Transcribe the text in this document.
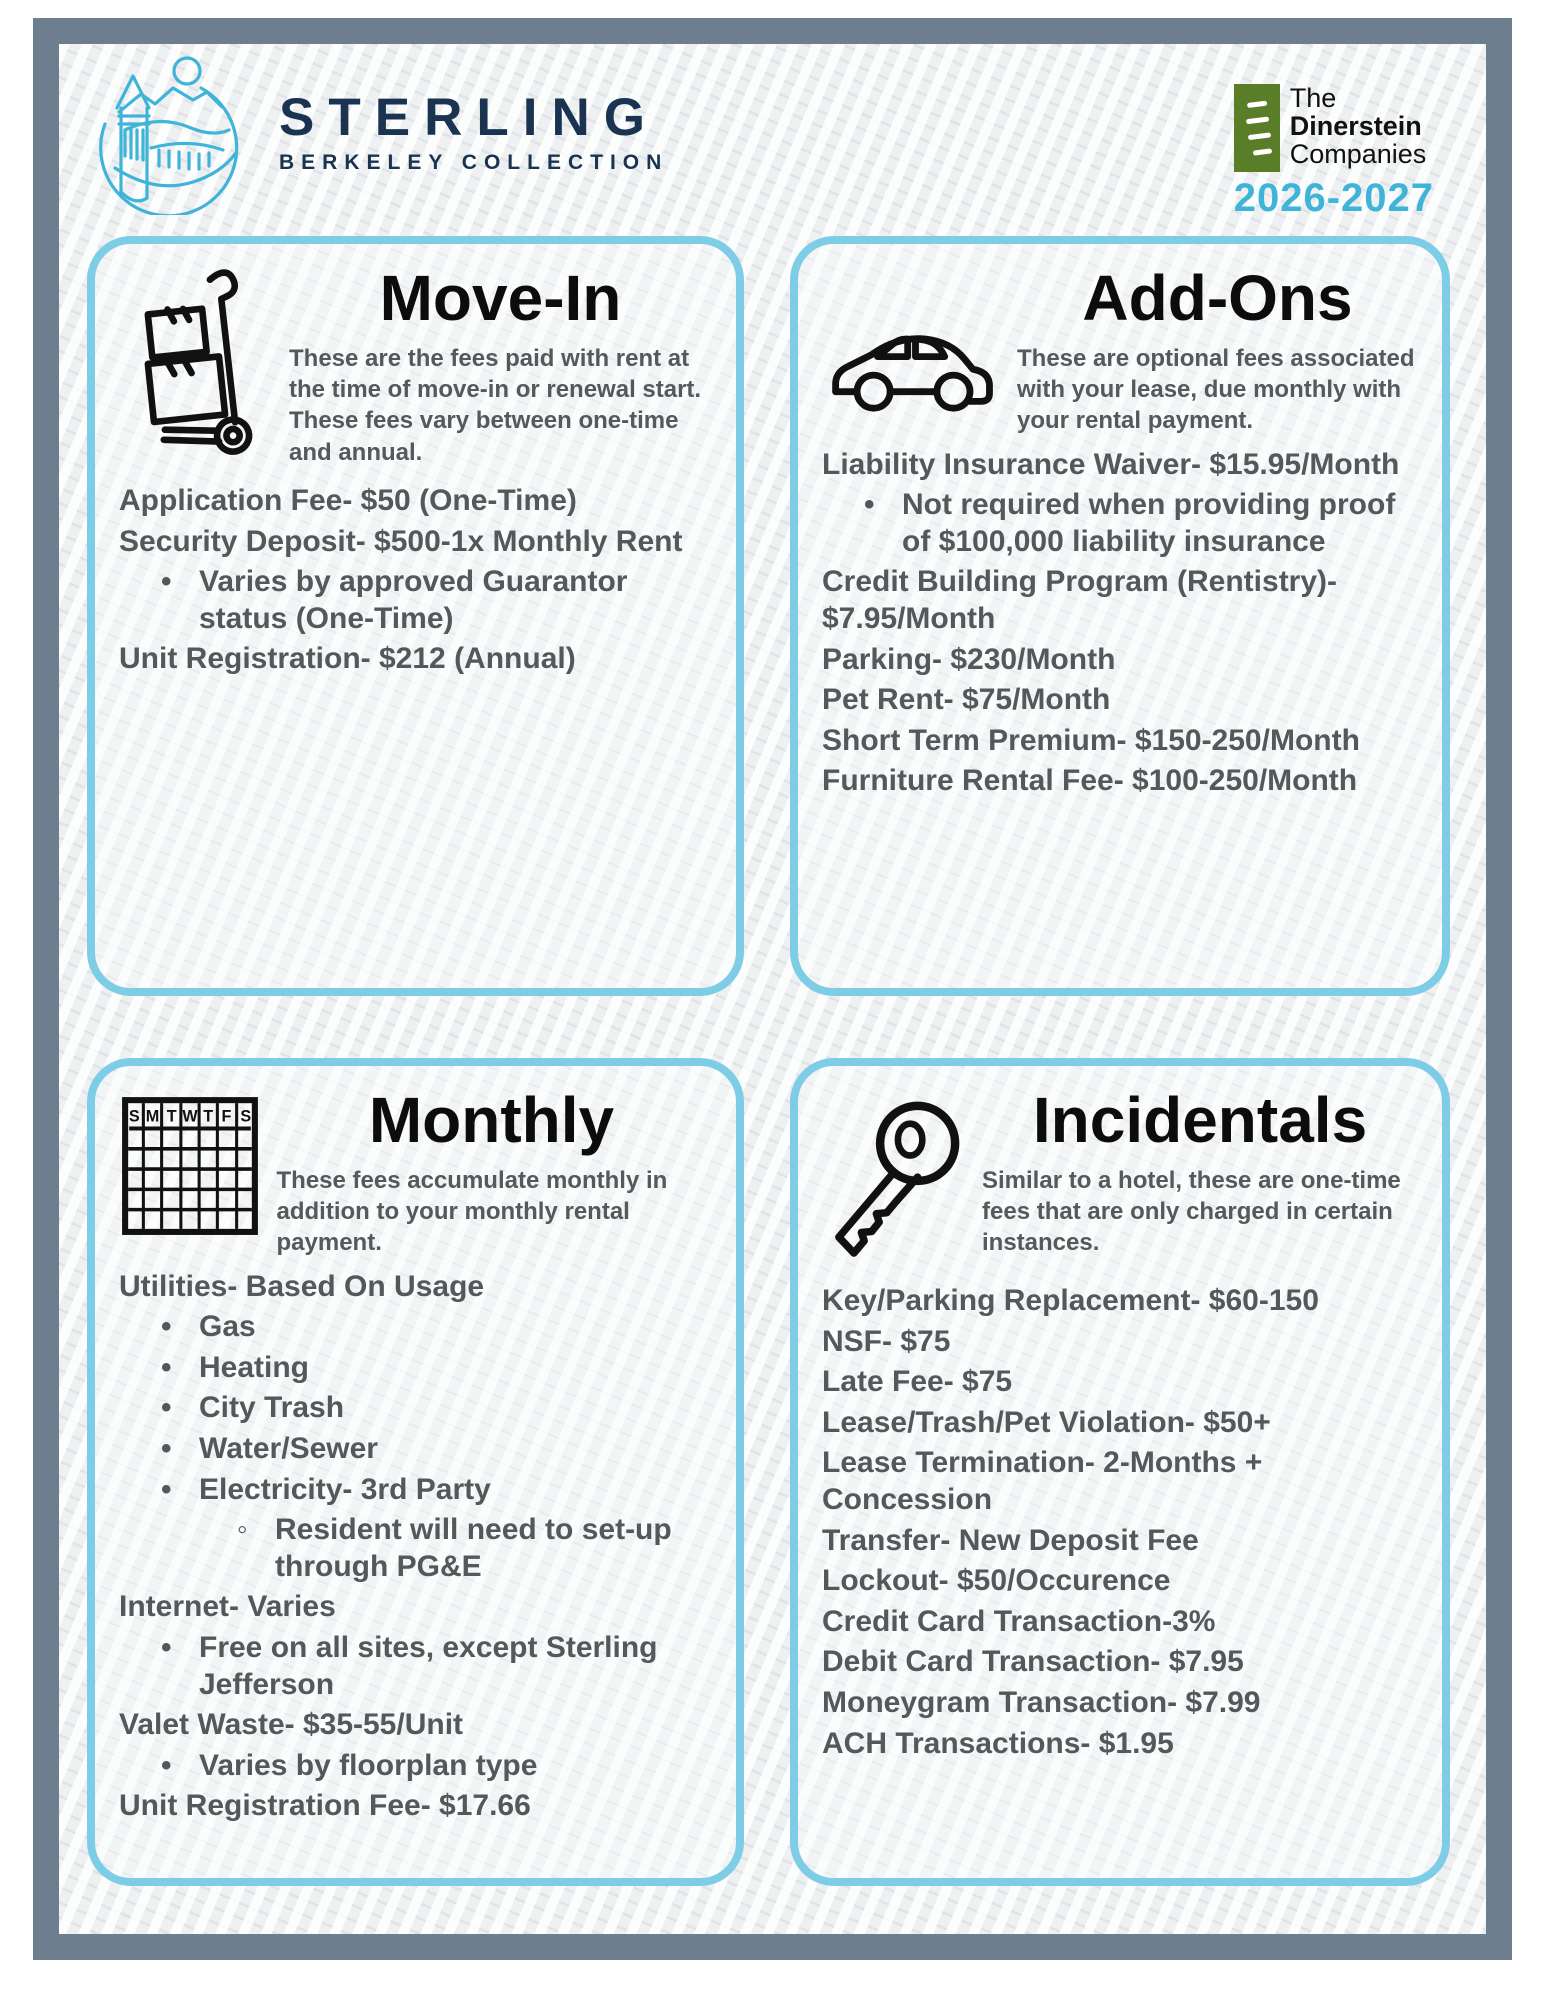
STERLING
BERKELEY COLLECTION
The
Dinerstein
Companies
2026-2027
Move-In
These are the fees paid with rent at the time of move-in or renewal start. These fees vary between one-time and annual.
Application Fee- $50 (One-Time)
Security Deposit- $500-1x Monthly Rent
• Varies by approved Guarantor status (One-Time)
Unit Registration- $212 (Annual)
Add-Ons
These are optional fees associated with your lease, due monthly with your rental payment.
Liability Insurance Waiver- $15.95/Month
• Not required when providing proof of $100,000 liability insurance
Credit Building Program (Rentistry)- $7.95/Month
Parking- $230/Month
Pet Rent- $75/Month
Short Term Premium- $150-250/Month
Furniture Rental Fee- $100-250/Month
S M T W T F S	Monthly
These fees accumulate monthly in addition to your monthly rental payment.
Utilities- Based On Usage
• Gas
• Heating
• City Trash
• Water/Sewer
• Electricity- 3rd Party
◦ Resident will need to set-up through PG&E
Internet- Varies
• Free on all sites, except Sterling Jefferson
Valet Waste- $35-55/Unit
• Varies by floorplan type
Unit Registration Fee- $17.66
Incidentals
Similar to a hotel, these are one-time fees that are only charged in certain instances.
Key/Parking Replacement- $60-150
NSF- $75
Late Fee- $75
Lease/Trash/Pet Violation- $50+
Lease Termination- 2-Months + Concession
Transfer- New Deposit Fee
Lockout- $50/Occurence
Credit Card Transaction-3%
Debit Card Transaction- $7.95
Moneygram Transaction- $7.99
ACH Transactions- $1.95
